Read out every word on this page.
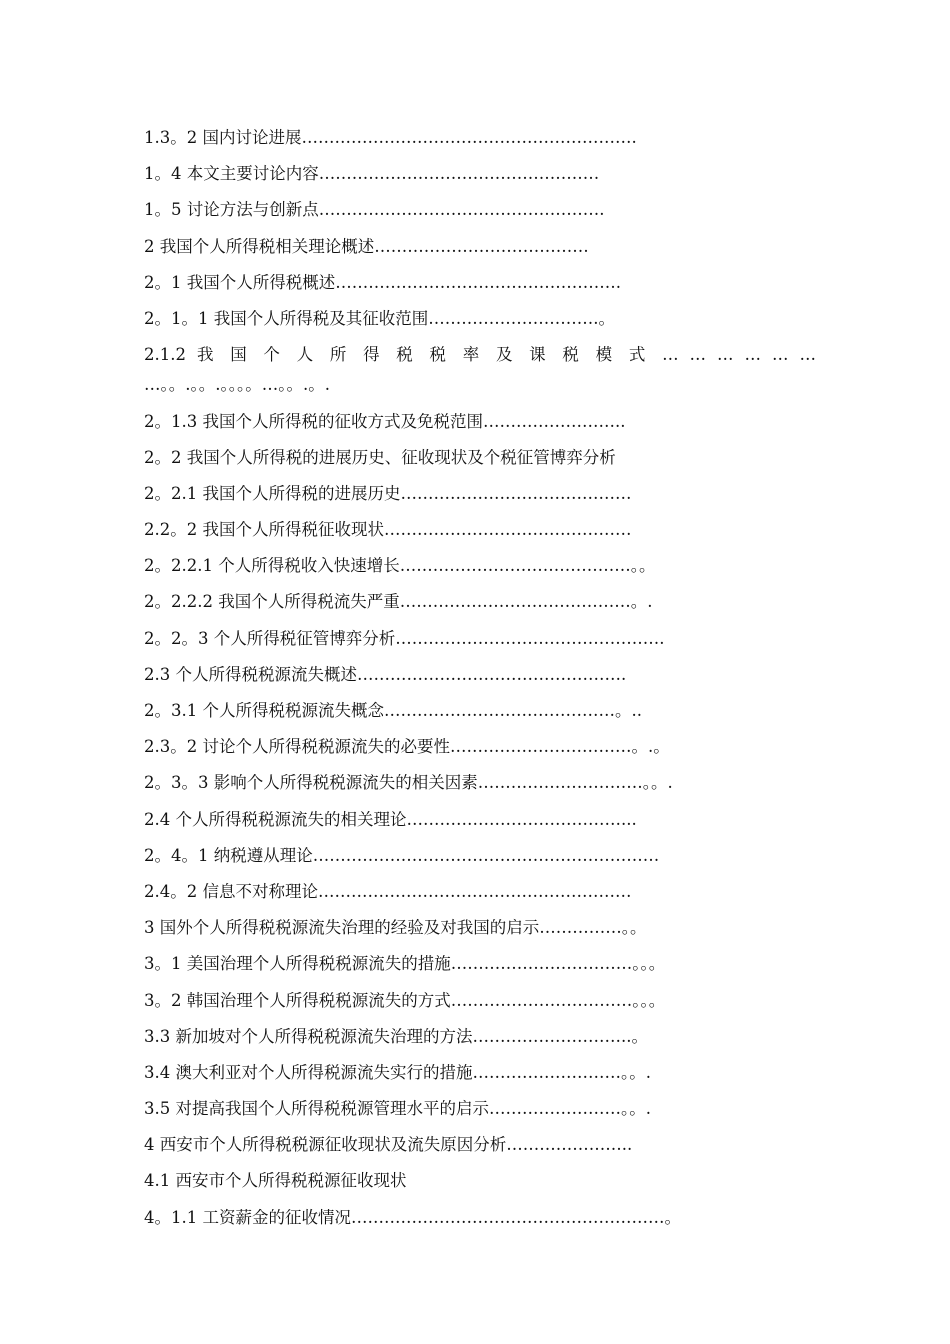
1.3。2 国内讨论进展…………………………………………………….
1。4 本文主要讨论内容……………………………………………
1。5 讨论方法与创新点…………………………………………….
2 我国个人所得税相关理论概述…………………………………
2。1 我国个人所得税概述…………………………………………….
2。1。1 我国个人所得税及其征收范围………………………….。
2.1.2 我 国 个 人 所 得 税 税 率 及 课 税 模 式 … … … … … …
…。。.。。.。。。。…。。.。.
2。1.3 我国个人所得税的征收方式及免税范围……………………..
2。2 我国个人所得税的进展历史、征收现状及个税征管博弈分析
2。2.1 我国个人所得税的进展历史……………………………………
2.2。2 我国个人所得税征收现状………………………………………
2。2.2.1 个人所得税收入快速增长……………………………………。。
2。2.2.2 我国个人所得税流失严重……………………………………。.
2。2。3 个人所得税征管博弈分析………………………………………….
2.3 个人所得税税源流失概述………………………………………….
2。3.1 个人所得税税源流失概念……………………………………。..
2.3。2 讨论个人所得税税源流失的必要性……………………………。.。
2。3。3 影响个人所得税税源流失的相关因素…………………………。。.
2.4 个人所得税税源流失的相关理论…………………………………...
2。4。1 纳税遵从理论………………………………………………………
2.4。2 信息不对称理论…………………………………………………
3 国外个人所得税税源流失治理的经验及对我国的启示……………。。
3。1 美国治理个人所得税税源流失的措施……………………………。。。
3。2 韩国治理个人所得税税源流失的方式……………………………。。。
3.3 新加坡对个人所得税税源流失治理的方法………………………..。
3.4 澳大利亚对个人所得税源流失实行的措施………………………。。.
3.5 对提高我国个人所得税税源管理水平的启示……………………。。.
4 西安市个人所得税税源征收现状及流失原因分析…………………..
4.1 西安市个人所得税税源征收现状
4。1.1 工资薪金的征收情况…………………………………………………。
